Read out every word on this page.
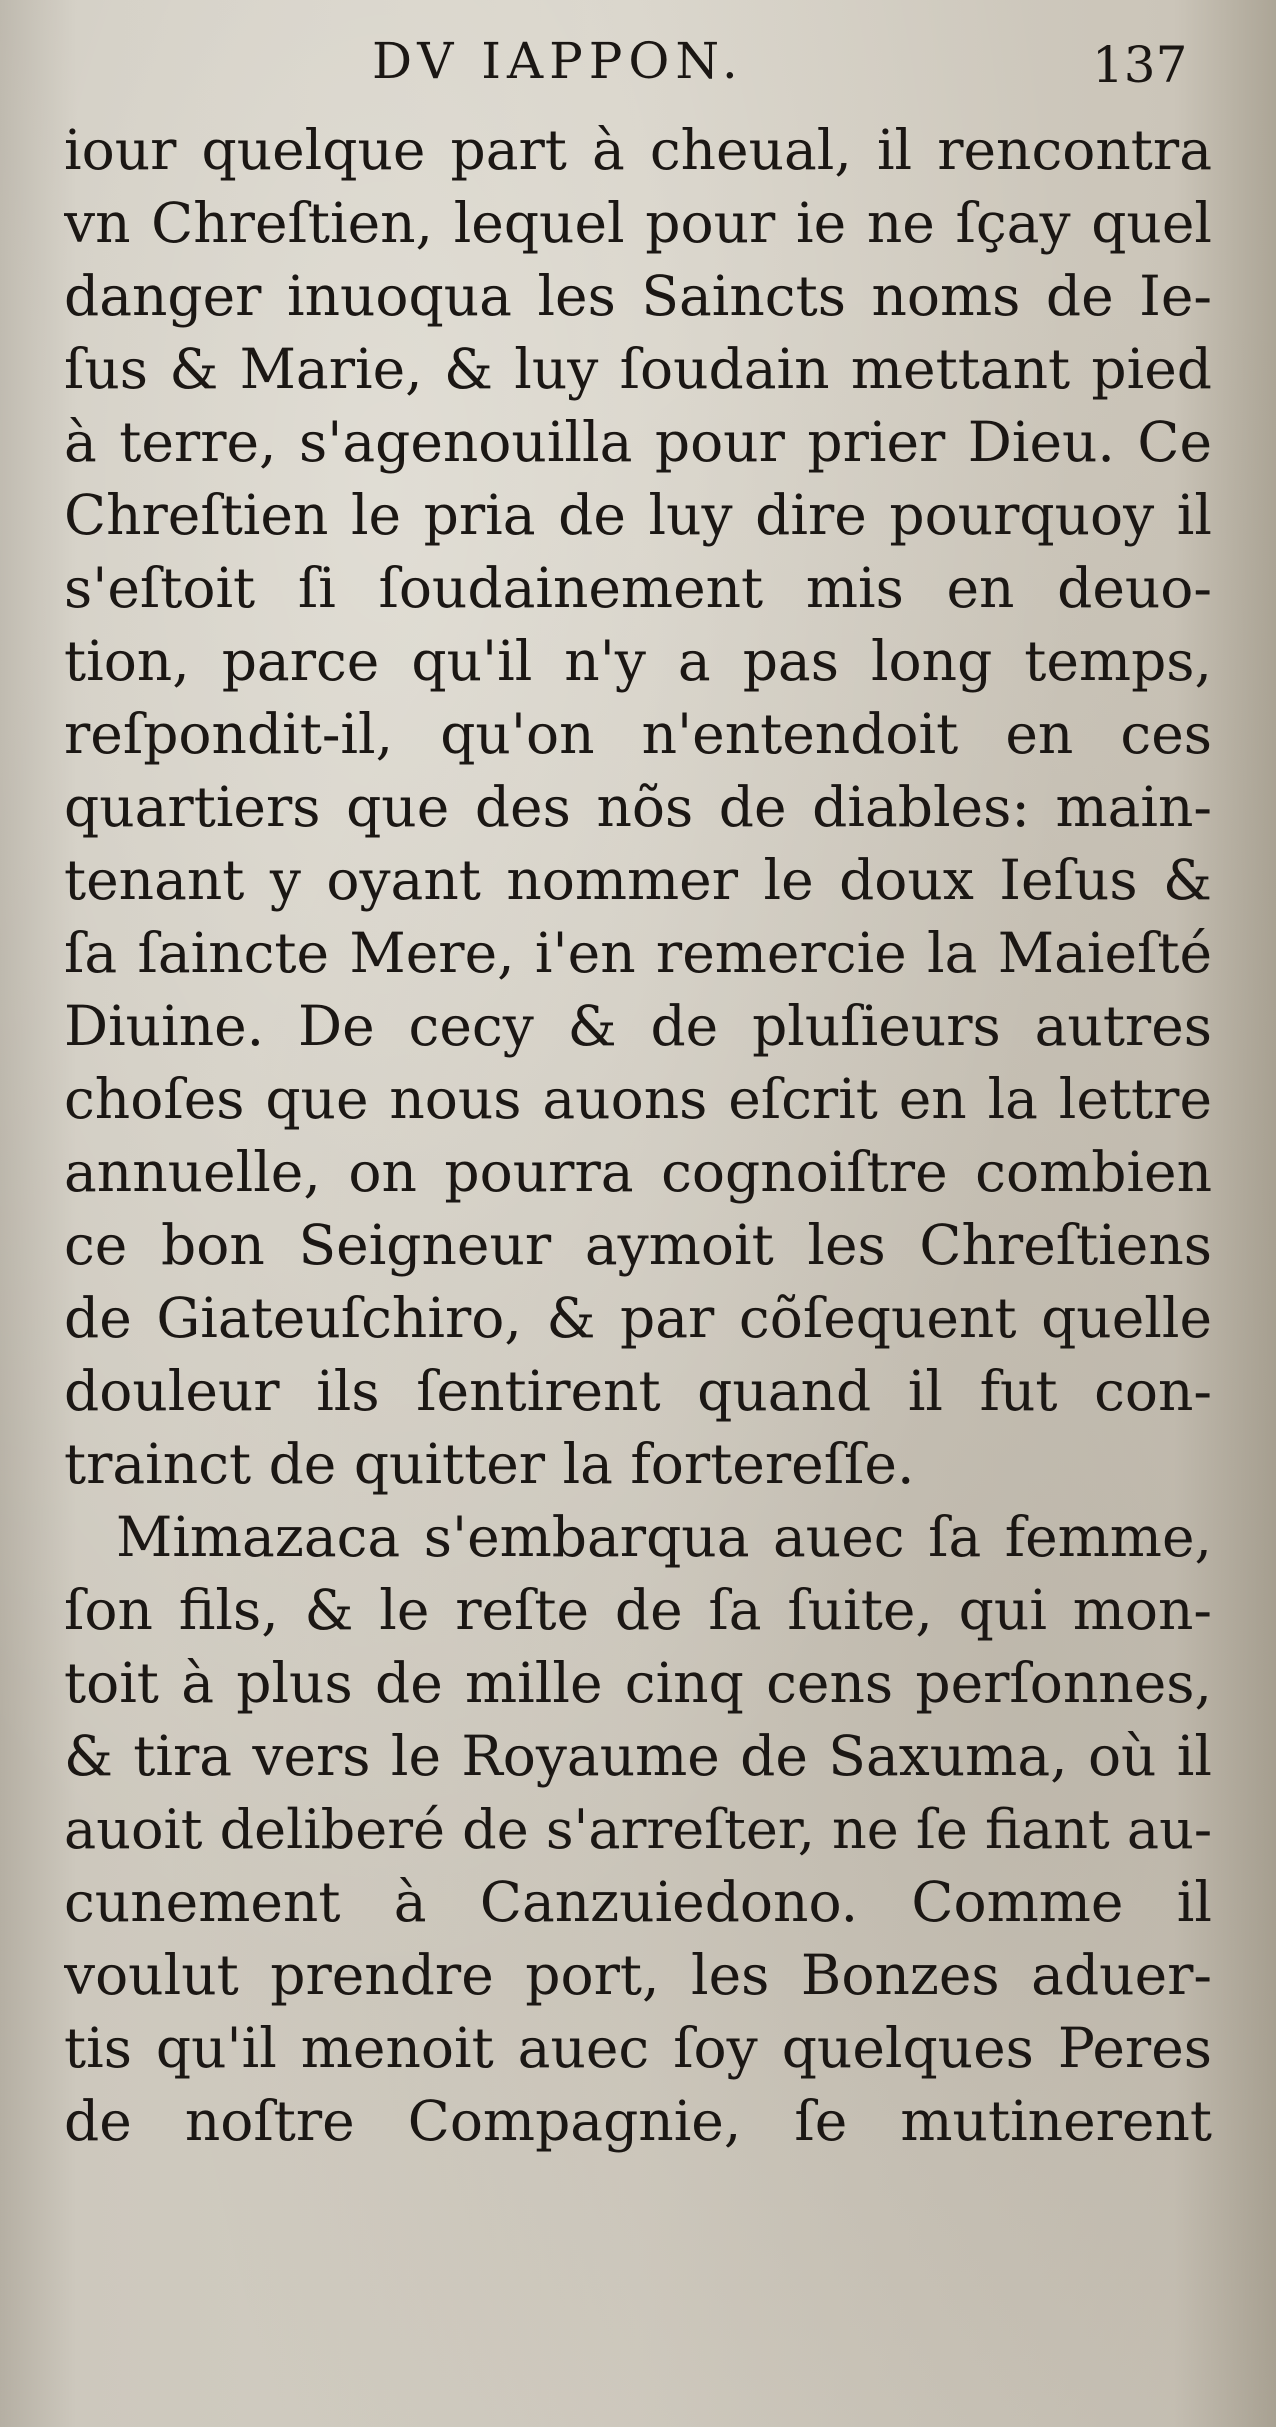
DV IAPPON.	137
iour quelque part à cheual, il rencontra
vn Chreſtien, lequel pour ie ne ſçay quel
danger inuoqua les Saincts noms de Ie-
ſus & Marie, & luy ſoudain mettant pied
à terre, s'agenouilla pour prier Dieu. Ce
Chreſtien le pria de luy dire pourquoy il
s'eſtoit ſi ſoudainement mis en deuo-
tion, parce qu'il n'y a pas long temps,
reſpondit-il, qu'on n'entendoit en ces
quartiers que des nõs de diables: main-
tenant y oyant nommer le doux Ieſus &
ſa ſaincte Mere, i'en remercie la Maieſté
Diuine. De cecy & de pluſieurs autres
choſes que nous auons eſcrit en la lettre
annuelle, on pourra cognoiſtre combien
ce bon Seigneur aymoit les Chreſtiens
de Giateuſchiro, & par cõſequent quelle
douleur ils ſentirent quand il fut con-
trainct de quitter la fortereſſe.
Mimazaca s'embarqua auec ſa femme,
ſon fils, & le reſte de ſa ſuite, qui mon-
toit à plus de mille cinq cens perſonnes,
& tira vers le Royaume de Saxuma, où il
auoit deliberé de s'arreſter, ne ſe fiant au-
cunement à Canzuiedono. Comme il
voulut prendre port, les Bonzes aduer-
tis qu'il menoit auec ſoy quelques Peres
de noſtre Compagnie, ſe mutinerent
